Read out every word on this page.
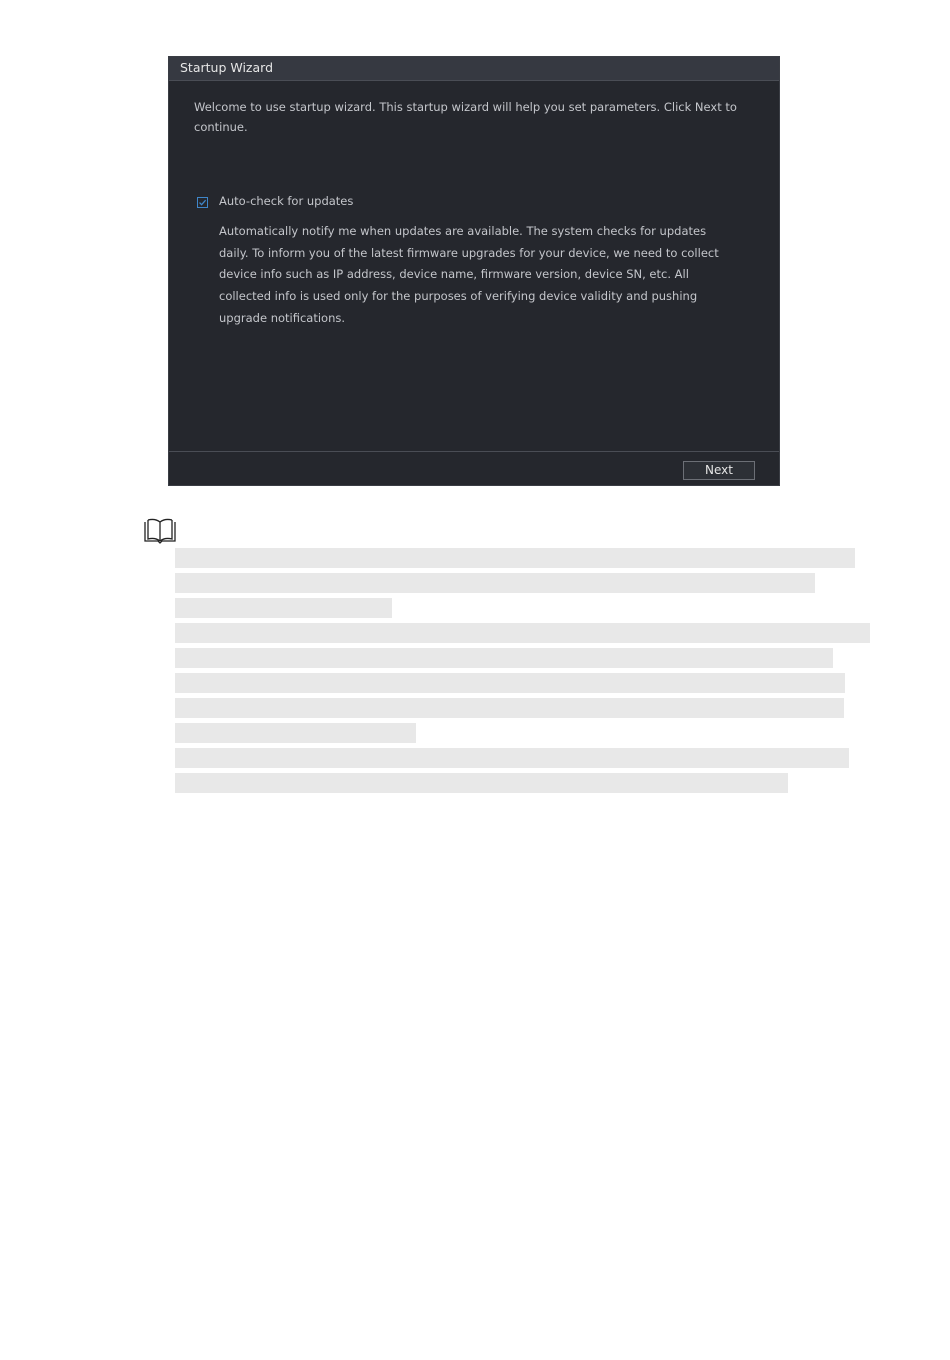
Startup Wizard
Welcome to use startup wizard. This startup wizard will help you set parameters. Click Next to continue.
Auto-check for updates
Automatically notify me when updates are available. The system checks for updates daily. To inform you of the latest firmware upgrades for your device, we need to collect device info such as IP address, device name, firmware version, device SN, etc. All collected info is used only for the purposes of verifying device validity and pushing upgrade notifications.
Next
